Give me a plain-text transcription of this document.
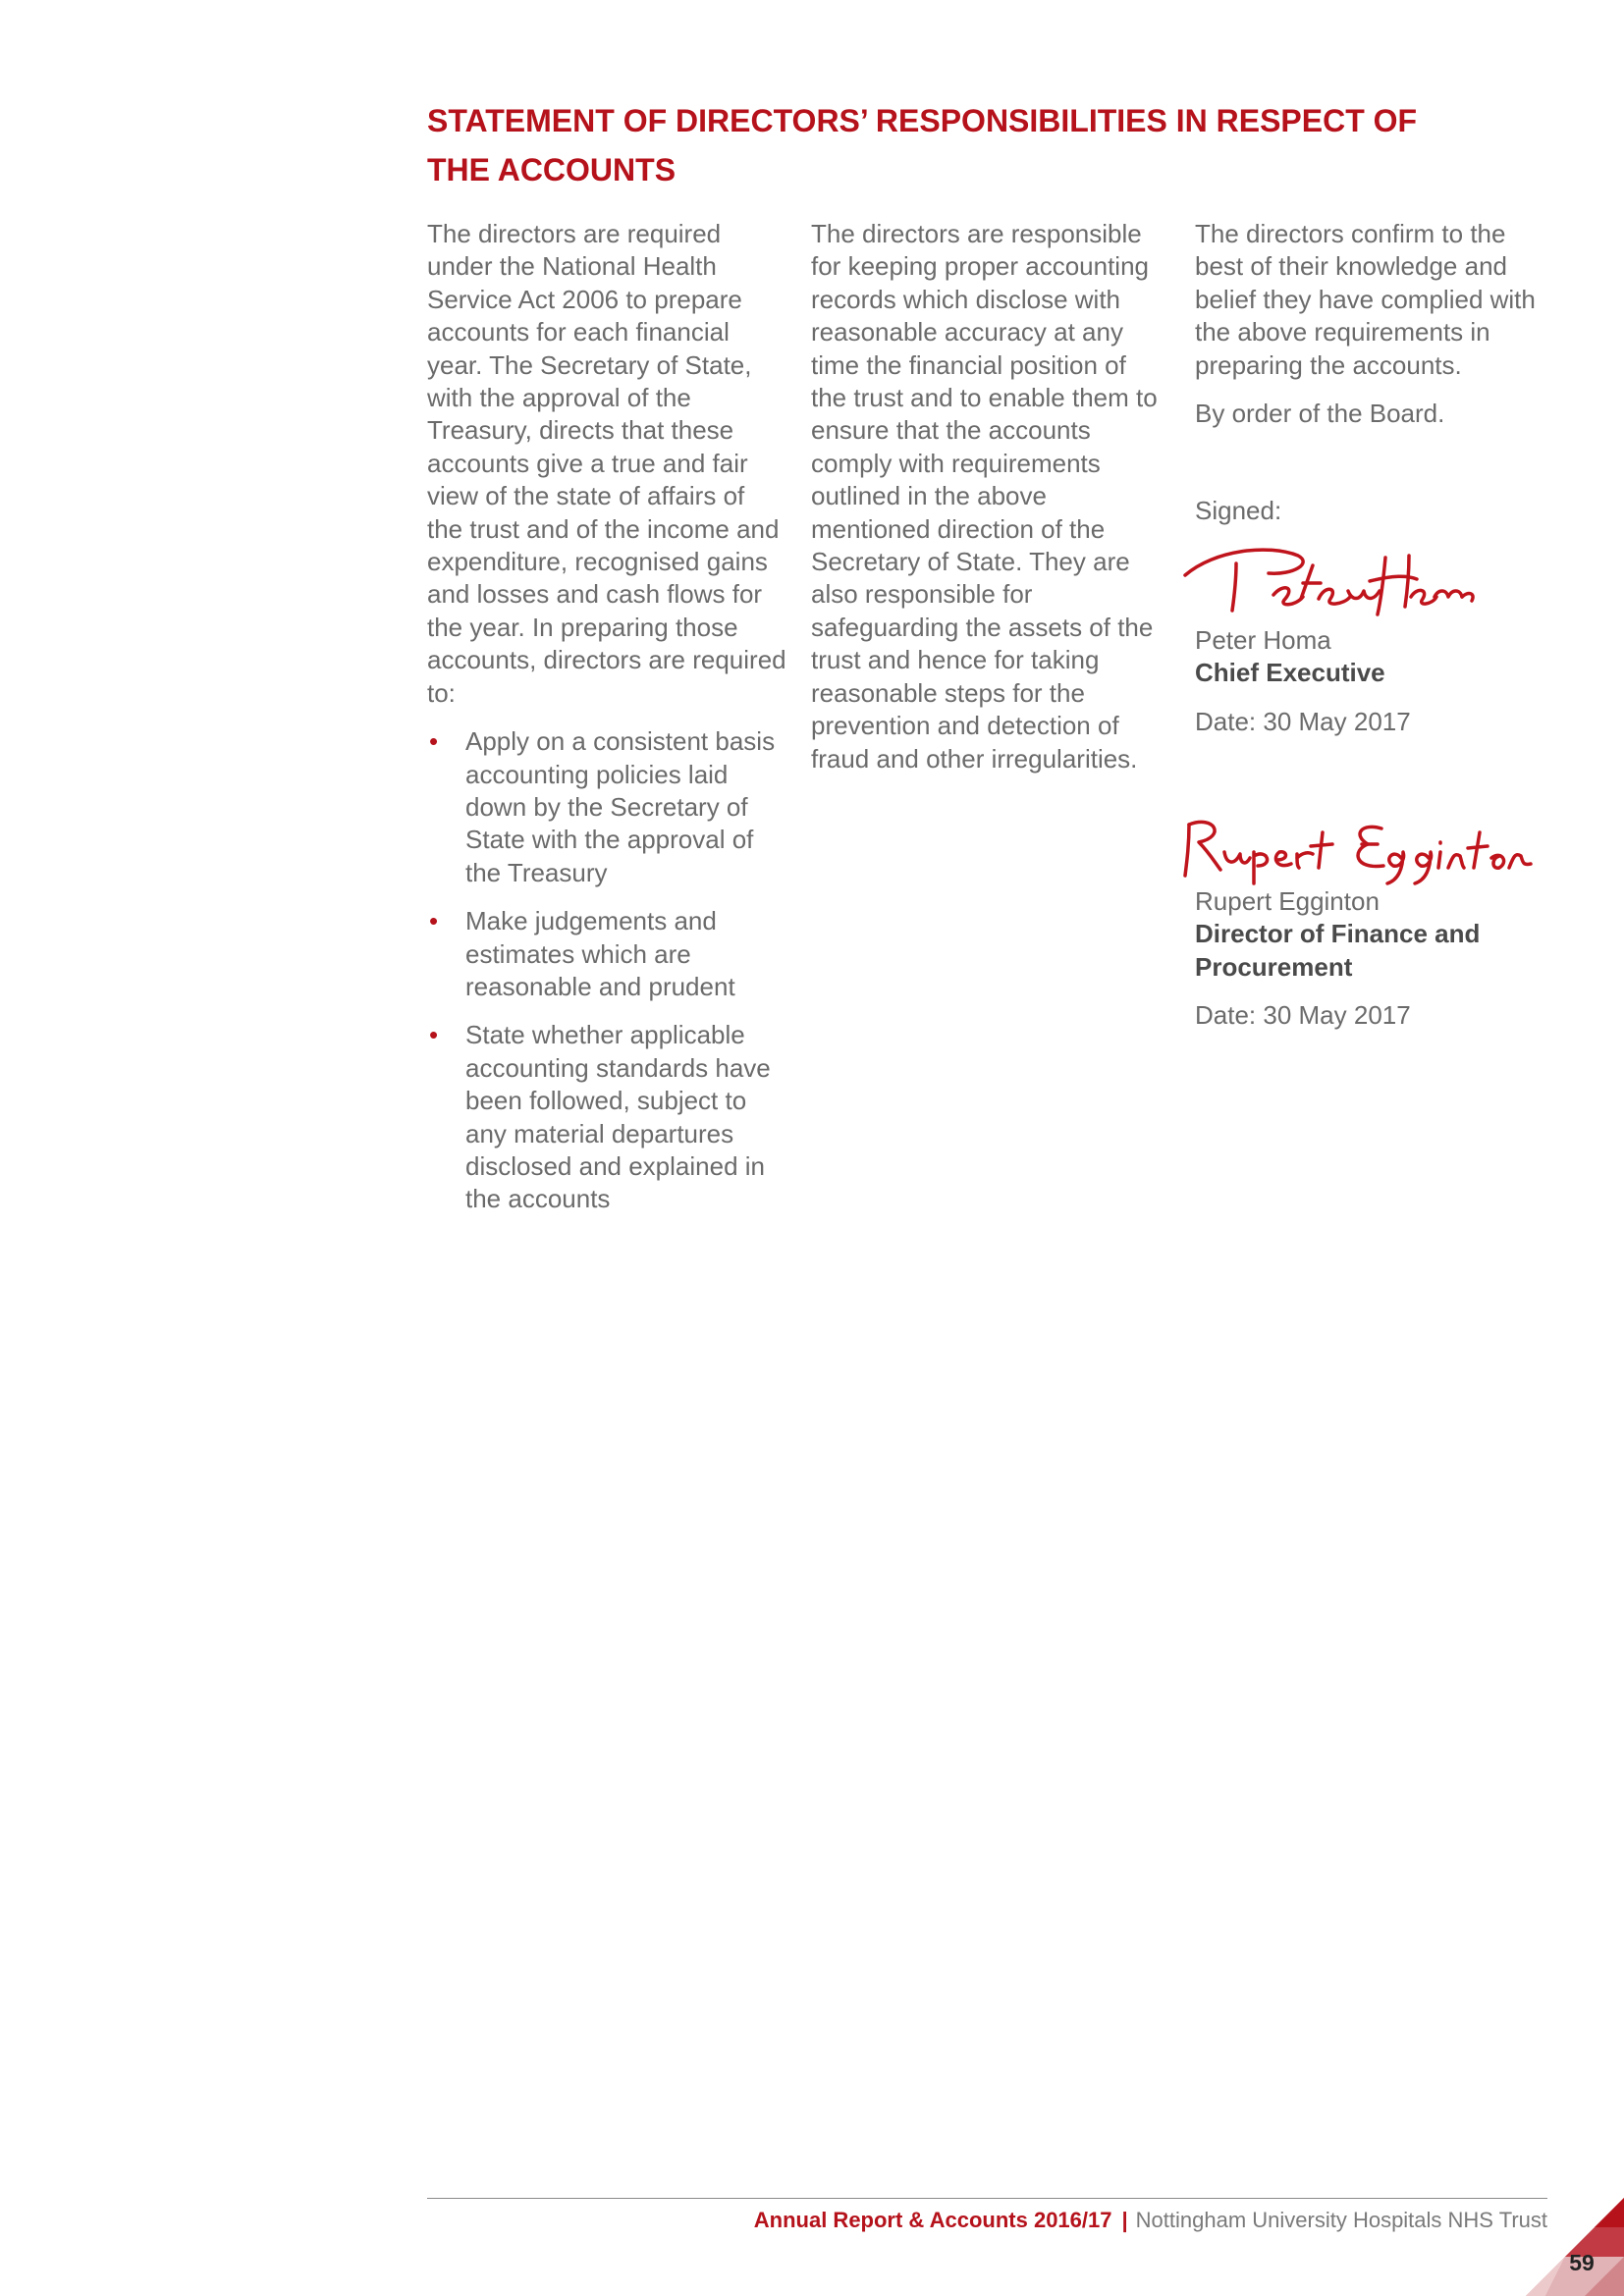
STATEMENT OF DIRECTORS’ RESPONSIBILITIES IN RESPECT OF THE ACCOUNTS

The directors are required under the National Health Service Act 2006 to prepare accounts for each financial year. The Secretary of State, with the approval of the Treasury, directs that these accounts give a true and fair view of the state of affairs of the trust and of the income and expenditure, recognised gains and losses and cash flows for the year. In preparing those accounts, directors are required to:

• Apply on a consistent basis accounting policies laid down by the Secretary of State with the approval of the Treasury
• Make judgements and estimates which are reasonable and prudent
• State whether applicable accounting standards have been followed, subject to any material departures disclosed and explained in the accounts

The directors are responsible for keeping proper accounting records which disclose with reasonable accuracy at any time the financial position of the trust and to enable them to ensure that the accounts comply with requirements outlined in the above mentioned direction of the Secretary of State. They are also responsible for safeguarding the assets of the trust and hence for taking reasonable steps for the prevention and detection of fraud and other irregularities.

The directors confirm to the best of their knowledge and belief they have complied with the above requirements in preparing the accounts.

By order of the Board.

Signed:

Peter Homa
Chief Executive

Date: 30 May 2017

Rupert Egginton
Director of Finance and Procurement

Date: 30 May 2017

Annual Report & Accounts 2016/17 | Nottingham University Hospitals NHS Trust
59
